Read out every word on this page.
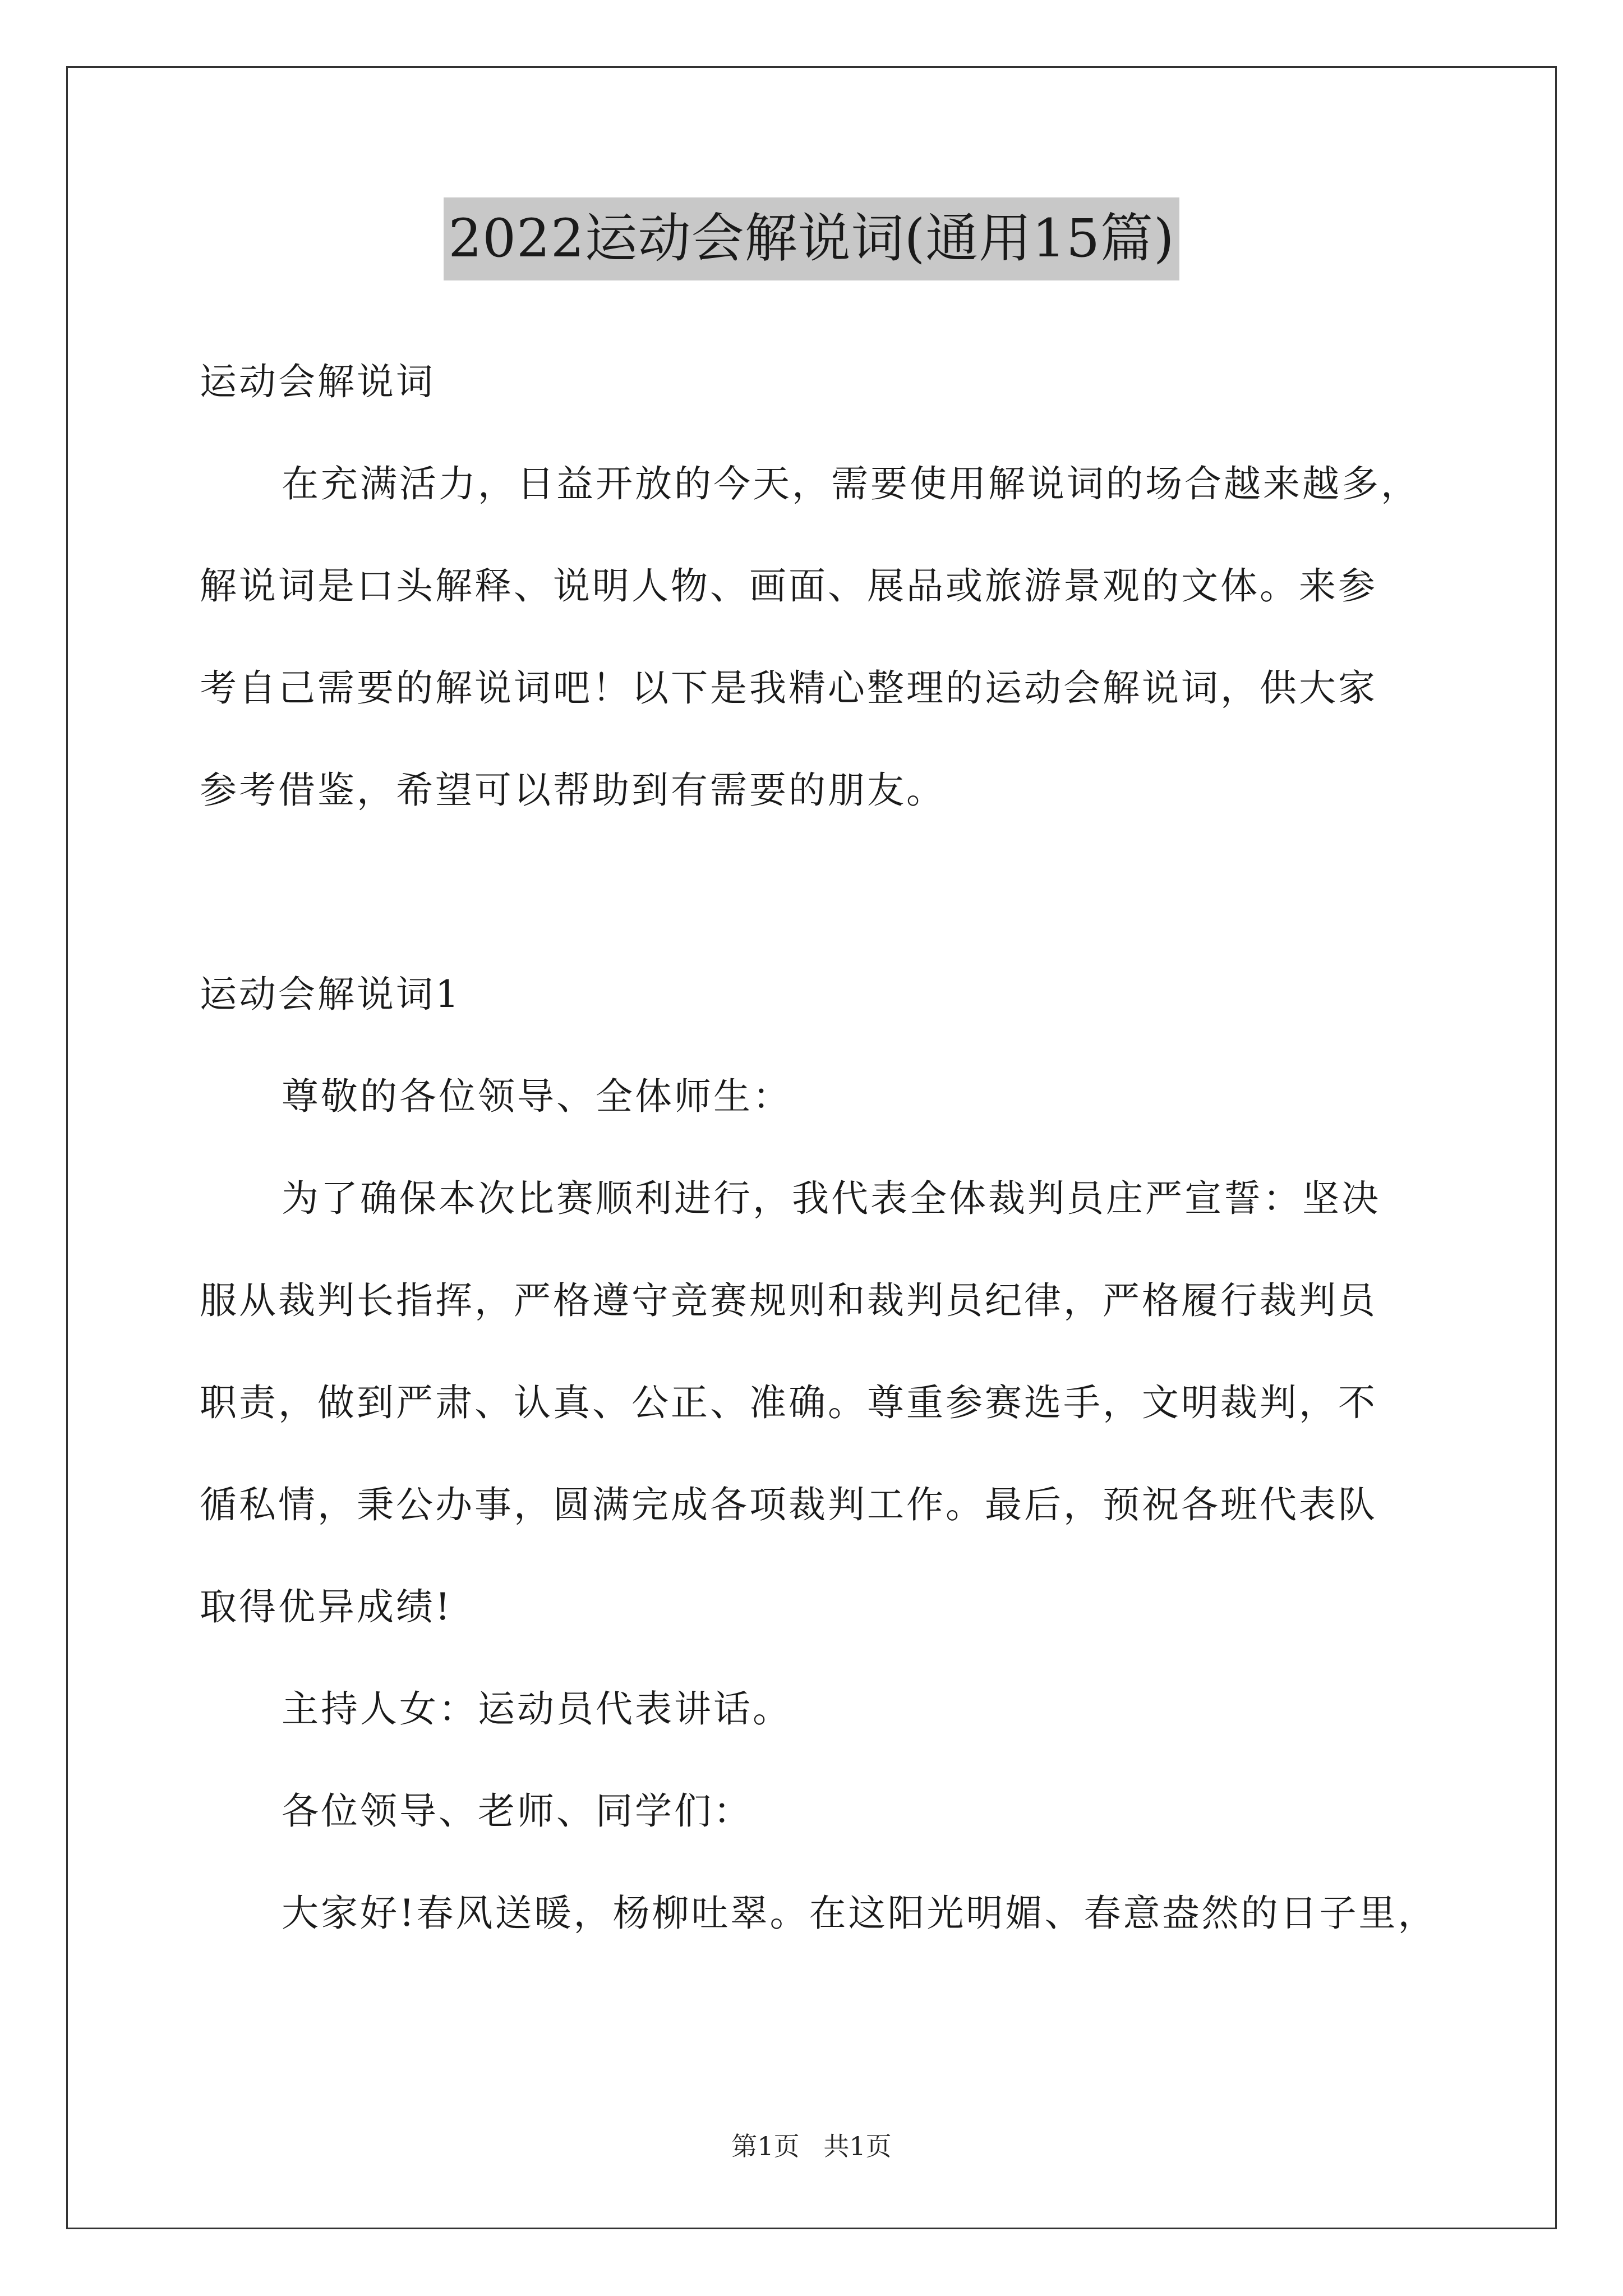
2022运动会解说词(通用15篇)

运动会解说词

在充满活力，日益开放的今天，需要使用解说词的场合越来越多，

解说词是口头解释、说明人物、画面、展品或旅游景观的文体。来参

考自己需要的解说词吧！以下是我精心整理的运动会解说词，供大家

参考借鉴，希望可以帮助到有需要的朋友。

运动会解说词1

尊敬的各位领导、全体师生：

为了确保本次比赛顺利进行，我代表全体裁判员庄严宣誓：坚决

服从裁判长指挥，严格遵守竞赛规则和裁判员纪律，严格履行裁判员

职责，做到严肃、认真、公正、准确。尊重参赛选手，文明裁判，不

循私情，秉公办事，圆满完成各项裁判工作。最后，预祝各班代表队

取得优异成绩!

主持人女：运动员代表讲话。

各位领导、老师、同学们：

大家好!春风送暖，杨柳吐翠。在这阳光明媚、春意盎然的日子里，

第1页 共1页
